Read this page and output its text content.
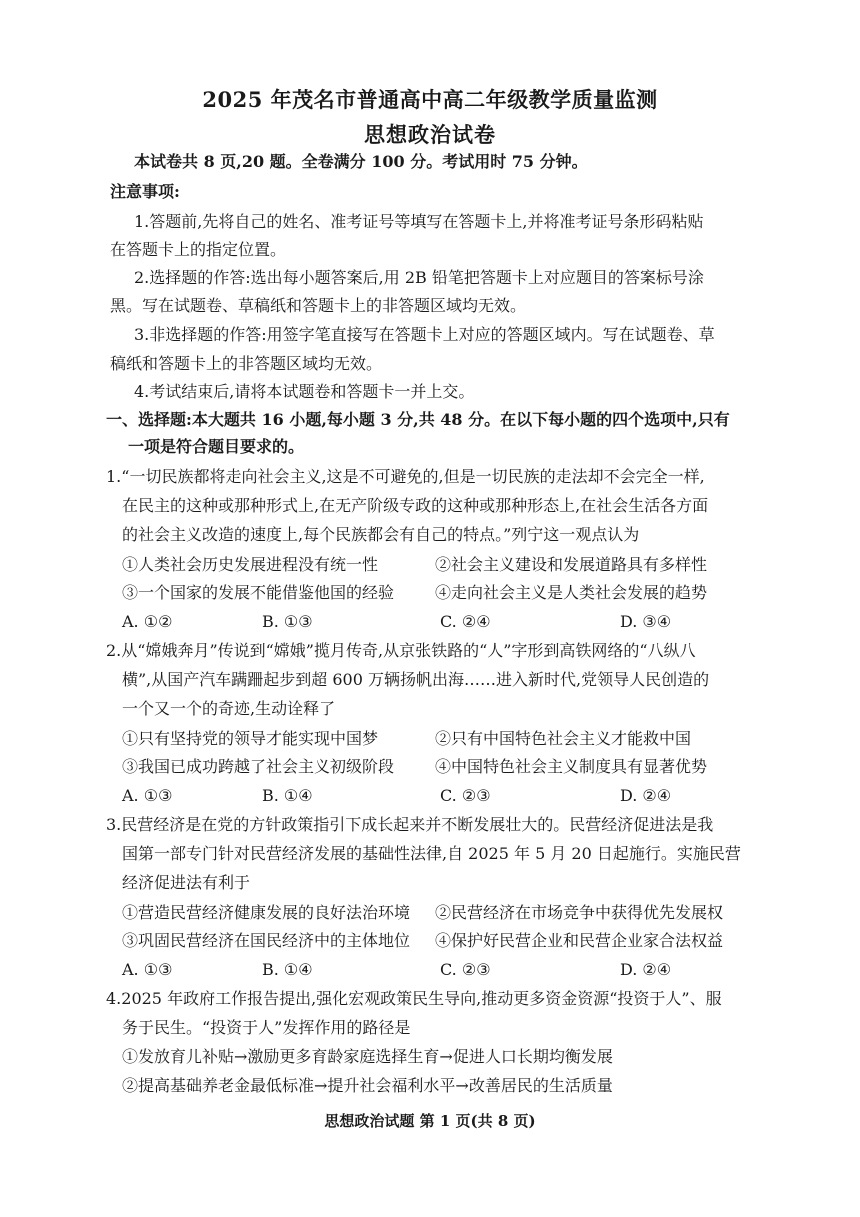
2025 年茂名市普通高中高二年级教学质量监测
思想政治试卷
本试卷共 8 页,20 题。全卷满分 100 分。考试用时 75 分钟。
注意事项:
1.答题前,先将自己的姓名、准考证号等填写在答题卡上,并将准考证号条形码粘贴
在答题卡上的指定位置。
2.选择题的作答:选出每小题答案后,用 2B 铅笔把答题卡上对应题目的答案标号涂
黑。写在试题卷、草稿纸和答题卡上的非答题区域均无效。
3.非选择题的作答:用签字笔直接写在答题卡上对应的答题区域内。写在试题卷、草
稿纸和答题卡上的非答题区域均无效。
4.考试结束后,请将本试题卷和答题卡一并上交。
一、选择题:本大题共 16 小题,每小题 3 分,共 48 分。在以下每小题的四个选项中,只有
一项是符合题目要求的。
1.“一切民族都将走向社会主义,这是不可避免的,但是一切民族的走法却不会完全一样,
在民主的这种或那种形式上,在无产阶级专政的这种或那种形态上,在社会生活各方面
的社会主义改造的速度上,每个民族都会有自己的特点。”列宁这一观点认为
①人类社会历史发展进程没有统一性	②社会主义建设和发展道路具有多样性
③一个国家的发展不能借鉴他国的经验	④走向社会主义是人类社会发展的趋势
A. ①②	B. ①③	C. ②④	D. ③④
2.从“嫦娥奔月”传说到“嫦娥”揽月传奇,从京张铁路的“人”字形到高铁网络的“八纵八
横”,从国产汽车蹒跚起步到超 600 万辆扬帆出海……进入新时代,党领导人民创造的
一个又一个的奇迹,生动诠释了
①只有坚持党的领导才能实现中国梦	②只有中国特色社会主义才能救中国
③我国已成功跨越了社会主义初级阶段	④中国特色社会主义制度具有显著优势
A. ①③	B. ①④	C. ②③	D. ②④
3.民营经济是在党的方针政策指引下成长起来并不断发展壮大的。民营经济促进法是我
国第一部专门针对民营经济发展的基础性法律,自 2025 年 5 月 20 日起施行。实施民营
经济促进法有利于
①营造民营经济健康发展的良好法治环境 ②民营经济在市场竞争中获得优先发展权
③巩固民营经济在国民经济中的主体地位 ④保护好民营企业和民营企业家合法权益
A. ①③	B. ①④	C. ②③	D. ②④
4.2025 年政府工作报告提出,强化宏观政策民生导向,推动更多资金资源“投资于人”、服
务于民生。“投资于人”发挥作用的路径是
①发放育儿补贴→激励更多育龄家庭选择生育→促进人口长期均衡发展
②提高基础养老金最低标准→提升社会福利水平→改善居民的生活质量
思想政治试题 第 1 页(共 8 页)
